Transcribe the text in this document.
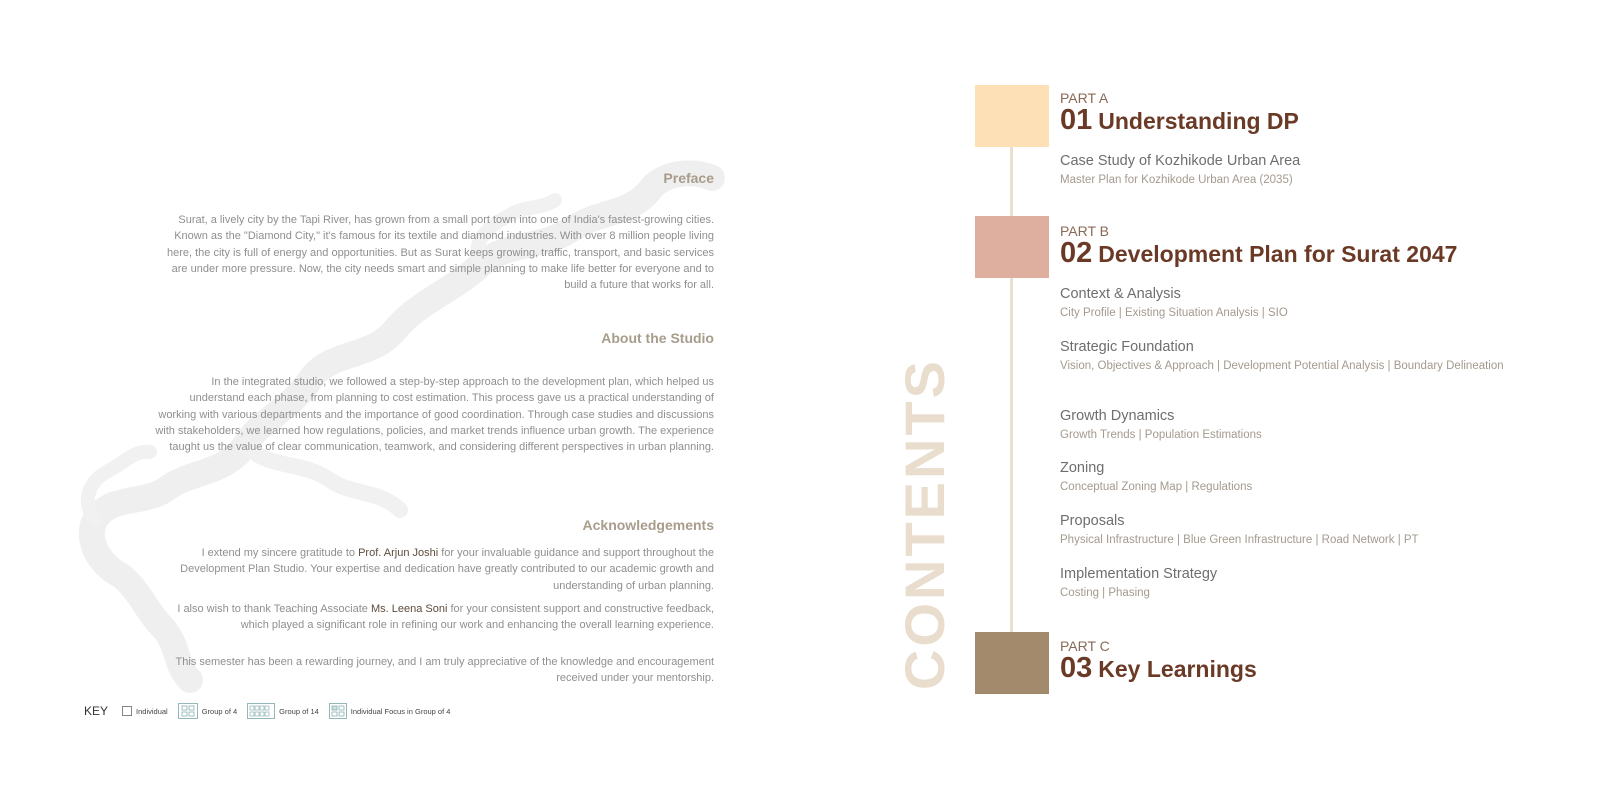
Preface

Surat, a lively city by the Tapi River, has grown from a small port town into one of India's fastest-growing cities. Known as the "Diamond City," it's famous for its textile and diamond industries. With over 8 million people living here, the city is full of energy and opportunities. But as Surat keeps growing, traffic, transport, and basic services are under more pressure. Now, the city needs smart and simple planning to make life better for everyone and to build a future that works for all.

About the Studio

In the integrated studio, we followed a step-by-step approach to the development plan, which helped us understand each phase, from planning to cost estimation. This process gave us a practical understanding of working with various departments and the importance of good coordination. Through case studies and discussions with stakeholders, we learned how regulations, policies, and market trends influence urban growth. The experience taught us the value of clear communication, teamwork, and considering different perspectives in urban planning.

Acknowledgements

I extend my sincere gratitude to Prof. Arjun Joshi for your invaluable guidance and support throughout the Development Plan Studio. Your expertise and dedication have greatly contributed to our academic growth and understanding of urban planning.

I also wish to thank Teaching Associate Ms. Leena Soni for your consistent support and constructive feedback, which played a significant role in refining our work and enhancing the overall learning experience.

This semester has been a rewarding journey, and I am truly appreciative of the knowledge and encouragement received under your mentorship.

KEY	Individual	Group of 4	Group of 14	Individual Focus in Group of 4
CONTENTS

PART A

01 Understanding DP

Case Study of Kozhikode Urban Area

Master Plan for Kozhikode Urban Area (2035)

PART B

02 Development Plan for Surat 2047

Context & Analysis

City Profile | Existing Situation Analysis | SIO

Strategic Foundation

Vision, Objectives & Approach | Development Potential Analysis | Boundary Delineation

Growth Dynamics

Growth Trends | Population Estimations

Zoning

Conceptual Zoning Map | Regulations

Proposals

Physical Infrastructure | Blue Green Infrastructure | Road Network | PT

Implementation Strategy

Costing | Phasing

PART C

03 Key Learnings
